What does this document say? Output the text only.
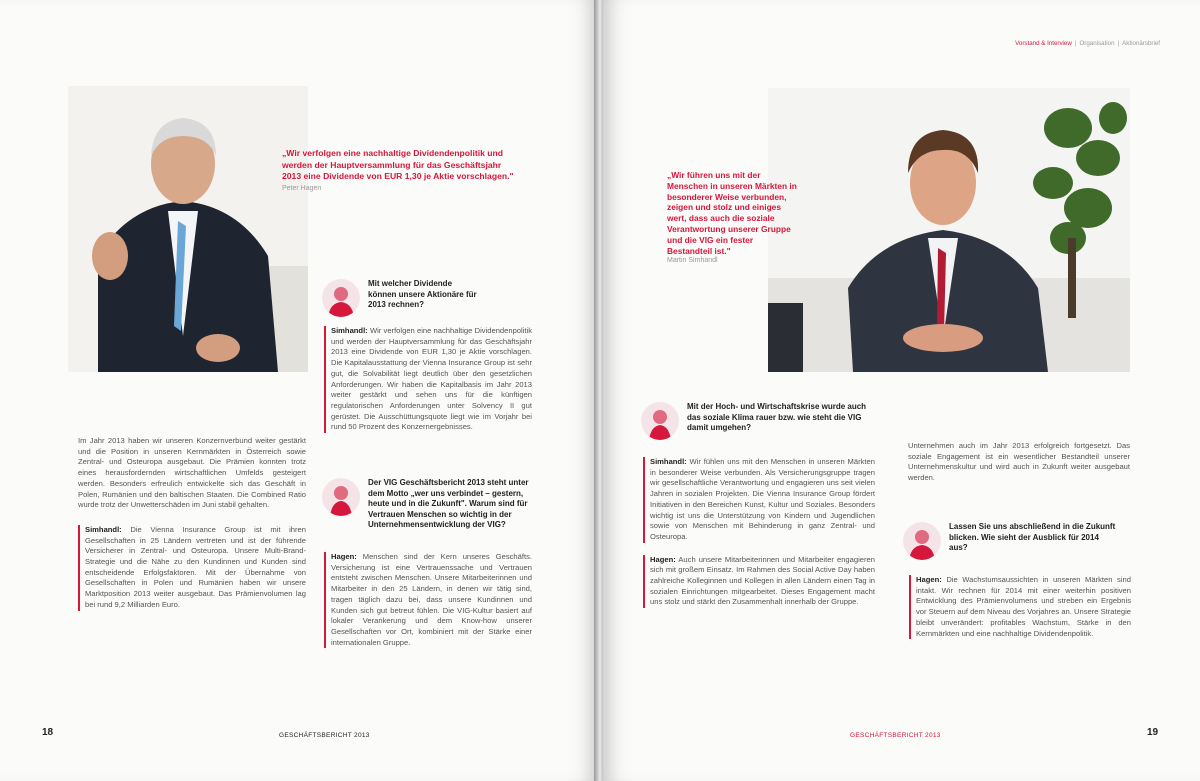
„Wir verfolgen eine nachhaltige Dividendenpolitik und werden der Hauptversammlung für das Geschäftsjahr 2013 eine Dividende von EUR 1,30 je Aktie vorschlagen."
Peter Hagen
Mit welcher Dividende können unsere Aktionäre für 2013 rechnen?

Simhandl: Wir verfolgen eine nachhaltige Dividendenpolitik und werden der Hauptversammlung für das Geschäftsjahr 2013 eine Dividende von EUR 1,30 je Aktie vorschlagen. Die Kapitalausstattung der Vienna Insurance Group ist sehr gut, die Solvabilität liegt deutlich über den gesetzlichen Anforderungen. Wir haben die Kapitalbasis im Jahr 2013 weiter gestärkt und sehen uns für die künftigen regulatorischen Anforderungen unter Solvency II gut gerüstet. Die Ausschüttungsquote liegt wie im Vorjahr bei rund 50 Prozent des Konzernergebnisses.

Der VIG Geschäftsbericht 2013 steht unter dem Motto „wer uns verbindet – gestern, heute und in die Zukunft". Warum sind für Vertrauen Menschen so wichtig in der Unternehmensentwicklung der VIG?

Hagen: Menschen sind der Kern unseres Geschäfts. Versicherung ist eine Vertrauenssache und Vertrauen entsteht zwischen Menschen. Unsere Mitarbeiterinnen und Mitarbeiter in den 25 Ländern, in denen wir tätig sind, tragen täglich dazu bei, dass unsere Kundinnen und Kunden sich gut betreut fühlen. Die VIG-Kultur basiert auf lokaler Verankerung und dem Know-how unserer Gesellschaften vor Ort, kombiniert mit der Stärke einer internationalen Gruppe.

Im Jahr 2013 haben wir unseren Konzernverbund weiter gestärkt und die Position in unseren Kernmärkten in Österreich sowie Zentral- und Osteuropa ausgebaut. Die Prämien konnten trotz eines herausfordernden wirtschaftlichen Umfelds gesteigert werden. Besonders erfreulich entwickelte sich das Geschäft in Polen, Rumänien und den baltischen Staaten. Die Combined Ratio wurde trotz der Unwetterschäden im Juni stabil gehalten.

Simhandl: Die Vienna Insurance Group ist mit ihren Gesellschaften in 25 Ländern vertreten und ist der führende Versicherer in Zentral- und Osteuropa. Unsere Multi-Brand-Strategie und die Nähe zu den Kundinnen und Kunden sind entscheidende Erfolgsfaktoren. Mit der Übernahme von Gesellschaften in Polen und Rumänien haben wir unsere Marktposition 2013 weiter ausgebaut. Das Prämienvolumen lag bei rund 9,2 Milliarden Euro.

18	GESCHÄFTSBERICHT 2013
Vorstand & Interview | Organisation | Aktionärsbrief
„Wir führen uns mit der Menschen in unseren Märkten in besonderer Weise verbunden, zeigen und stolz und einiges wert, dass auch die soziale Verantwortung unserer Gruppe und die VIG ein fester Bestandteil ist."
Martin Simhandl
Mit der Hoch- und Wirtschaftskrise wurde auch das soziale Klima rauer bzw. wie steht die VIG damit umgehen?

Simhandl: Wir fühlen uns mit den Menschen in unseren Märkten in besonderer Weise verbunden. Als Versicherungsgruppe tragen wir gesellschaftliche Verantwortung und engagieren uns seit vielen Jahren in sozialen Projekten. Die Vienna Insurance Group fördert Initiativen in den Bereichen Kunst, Kultur und Soziales. Besonders wichtig ist uns die Unterstützung von Kindern und Jugendlichen sowie von Menschen mit Behinderung in ganz Zentral- und Osteuropa.

Hagen: Auch unsere Mitarbeiterinnen und Mitarbeiter engagieren sich mit großem Einsatz. Im Rahmen des Social Active Day haben zahlreiche Kolleginnen und Kollegen in allen Ländern einen Tag in sozialen Einrichtungen mitgearbeitet. Dieses Engagement macht uns stolz und stärkt den Zusammenhalt innerhalb der Gruppe.

Unternehmen auch im Jahr 2013 erfolgreich fortgesetzt. Das soziale Engagement ist ein wesentlicher Bestandteil unserer Unternehmenskultur und wird auch in Zukunft weiter ausgebaut werden.

Lassen Sie uns abschließend in die Zukunft blicken. Wie sieht der Ausblick für 2014 aus?

Hagen: Die Wachstumsaussichten in unseren Märkten sind intakt. Wir rechnen für 2014 mit einer weiterhin positiven Entwicklung des Prämienvolumens und streben ein Ergebnis vor Steuern auf dem Niveau des Vorjahres an. Unsere Strategie bleibt unverändert: profitables Wachstum, Stärke in den Kernmärkten und eine nachhaltige Dividendenpolitik.

GESCHÄFTSBERICHT 2013	19
